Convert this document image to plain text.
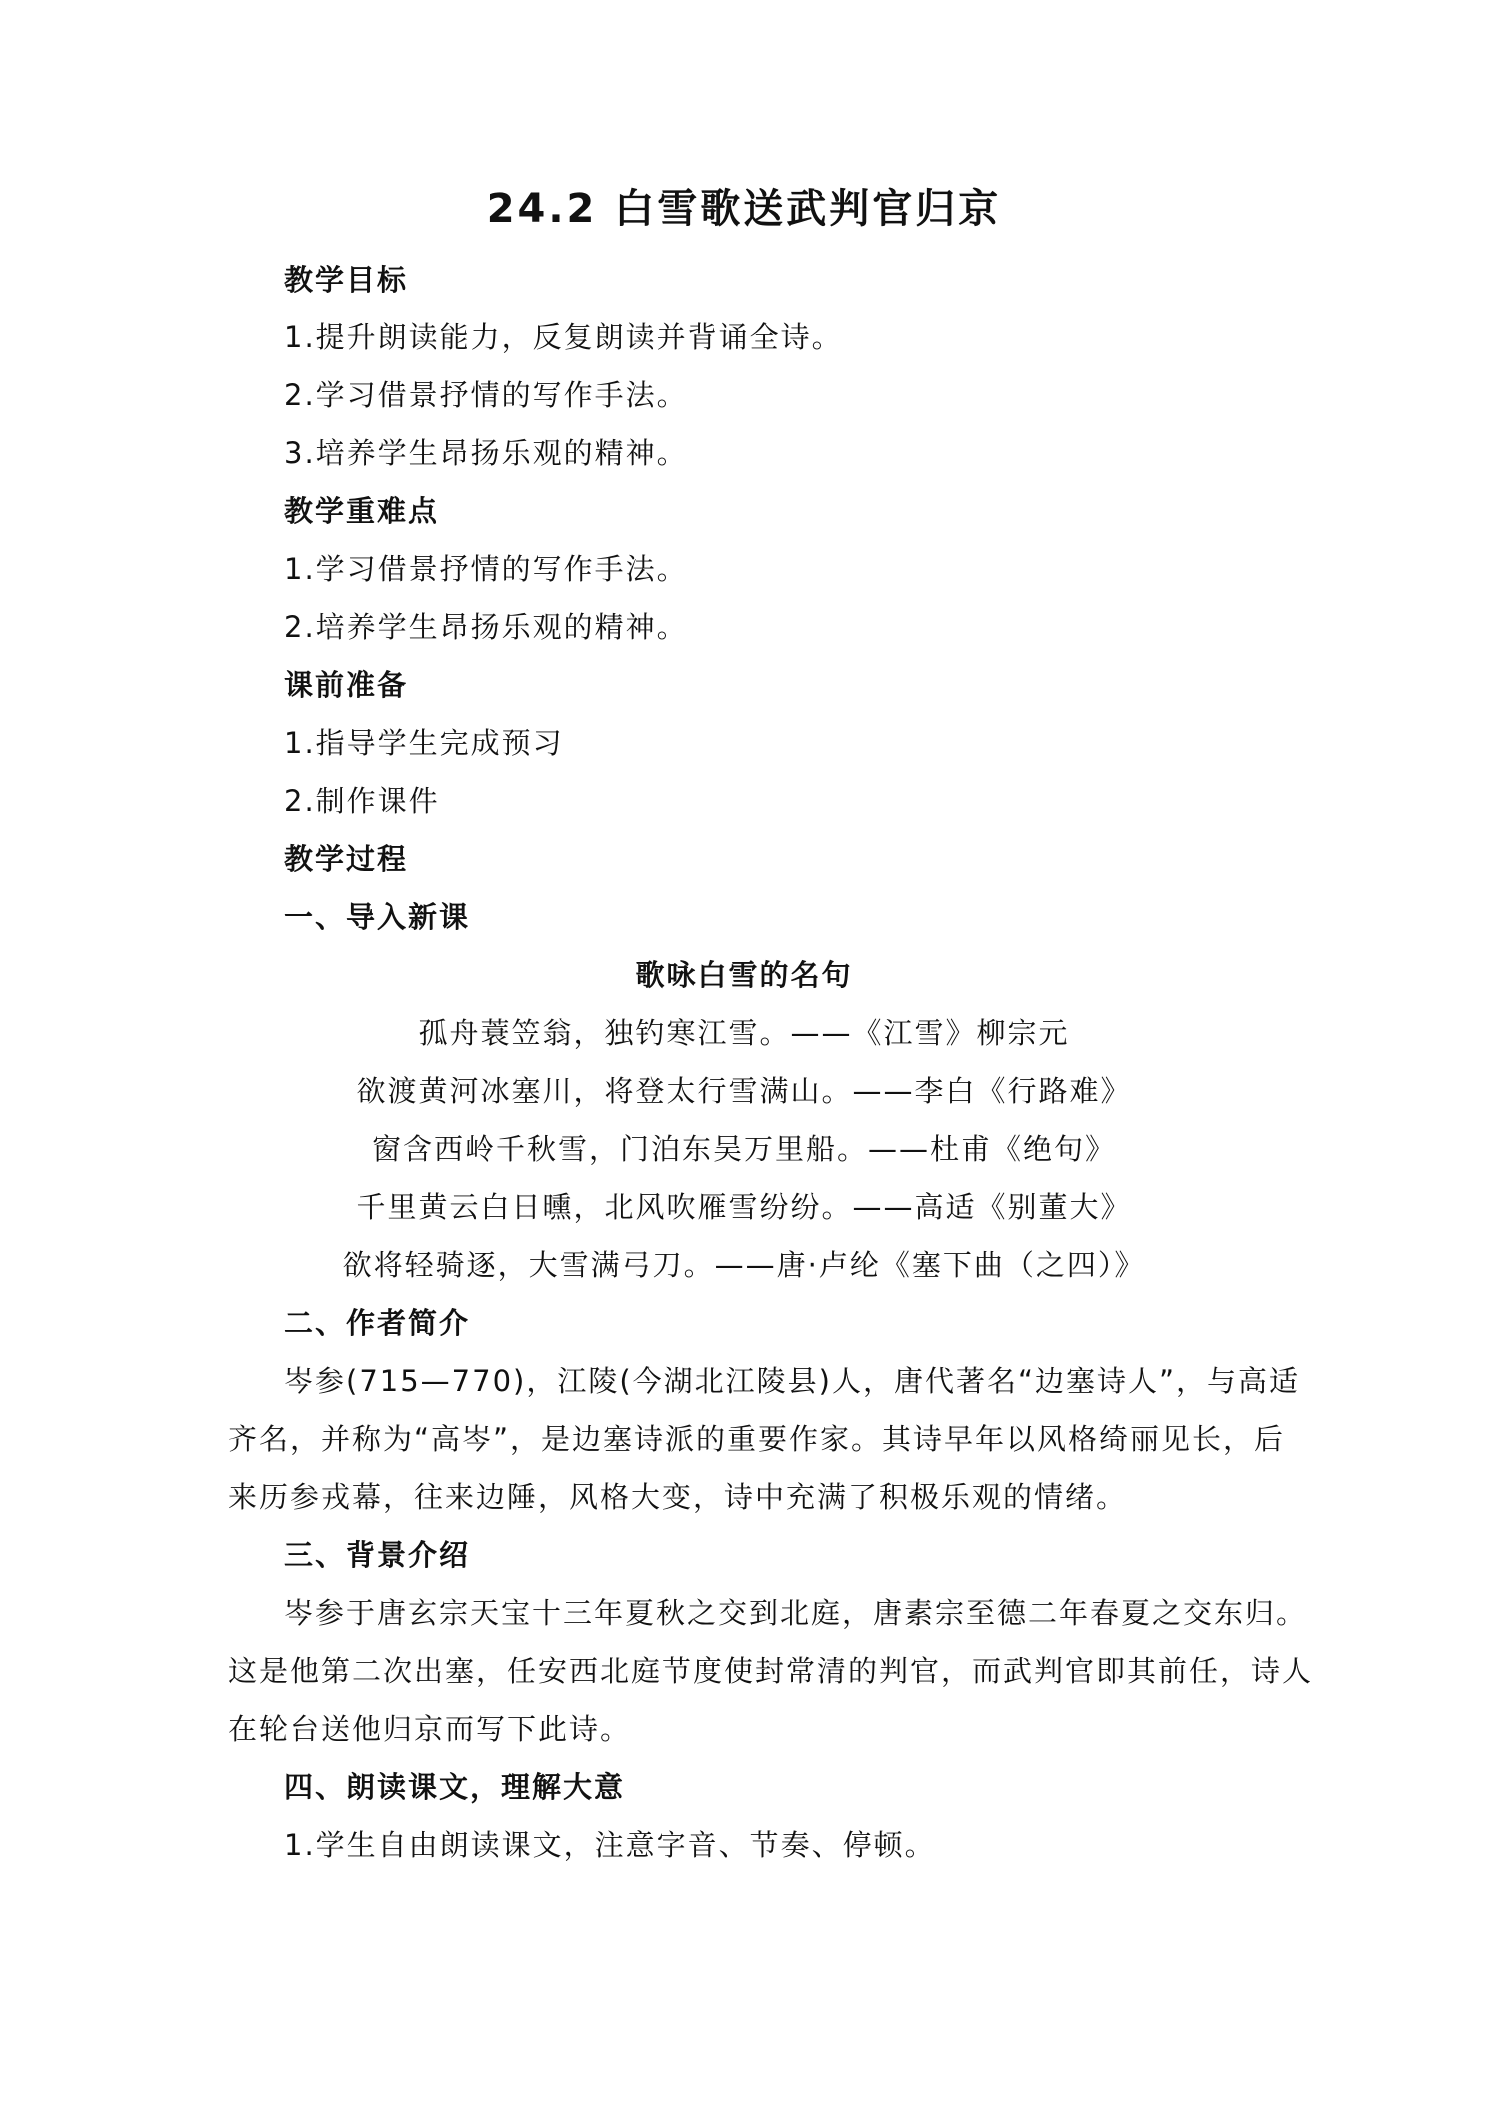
24.2 白雪歌送武判官归京
教学目标
1.提升朗读能力，反复朗读并背诵全诗。
2.学习借景抒情的写作手法。
3.培养学生昂扬乐观的精神。
教学重难点
1.学习借景抒情的写作手法。
2.培养学生昂扬乐观的精神。
课前准备
1.指导学生完成预习
2.制作课件
教学过程
一、导入新课
歌咏白雪的名句
孤舟蓑笠翁，独钓寒江雪。——《江雪》柳宗元
欲渡黄河冰塞川，将登太行雪满山。——李白《行路难》
窗含西岭千秋雪，门泊东吴万里船。——杜甫《绝句》
千里黄云白日曛，北风吹雁雪纷纷。——高适《别董大》
欲将轻骑逐，大雪满弓刀。——唐·卢纶《塞下曲（之四）》
二、作者简介
岑参(715—770)，江陵(今湖北江陵县)人，唐代著名“边塞诗人”，与高适
齐名，并称为“高岑”，是边塞诗派的重要作家。其诗早年以风格绮丽见长，后
来历参戎幕，往来边陲，风格大变，诗中充满了积极乐观的情绪。
三、背景介绍
岑参于唐玄宗天宝十三年夏秋之交到北庭，唐素宗至德二年春夏之交东归。
这是他第二次出塞，任安西北庭节度使封常清的判官，而武判官即其前任，诗人
在轮台送他归京而写下此诗。
四、朗读课文，理解大意
1.学生自由朗读课文，注意字音、节奏、停顿。
